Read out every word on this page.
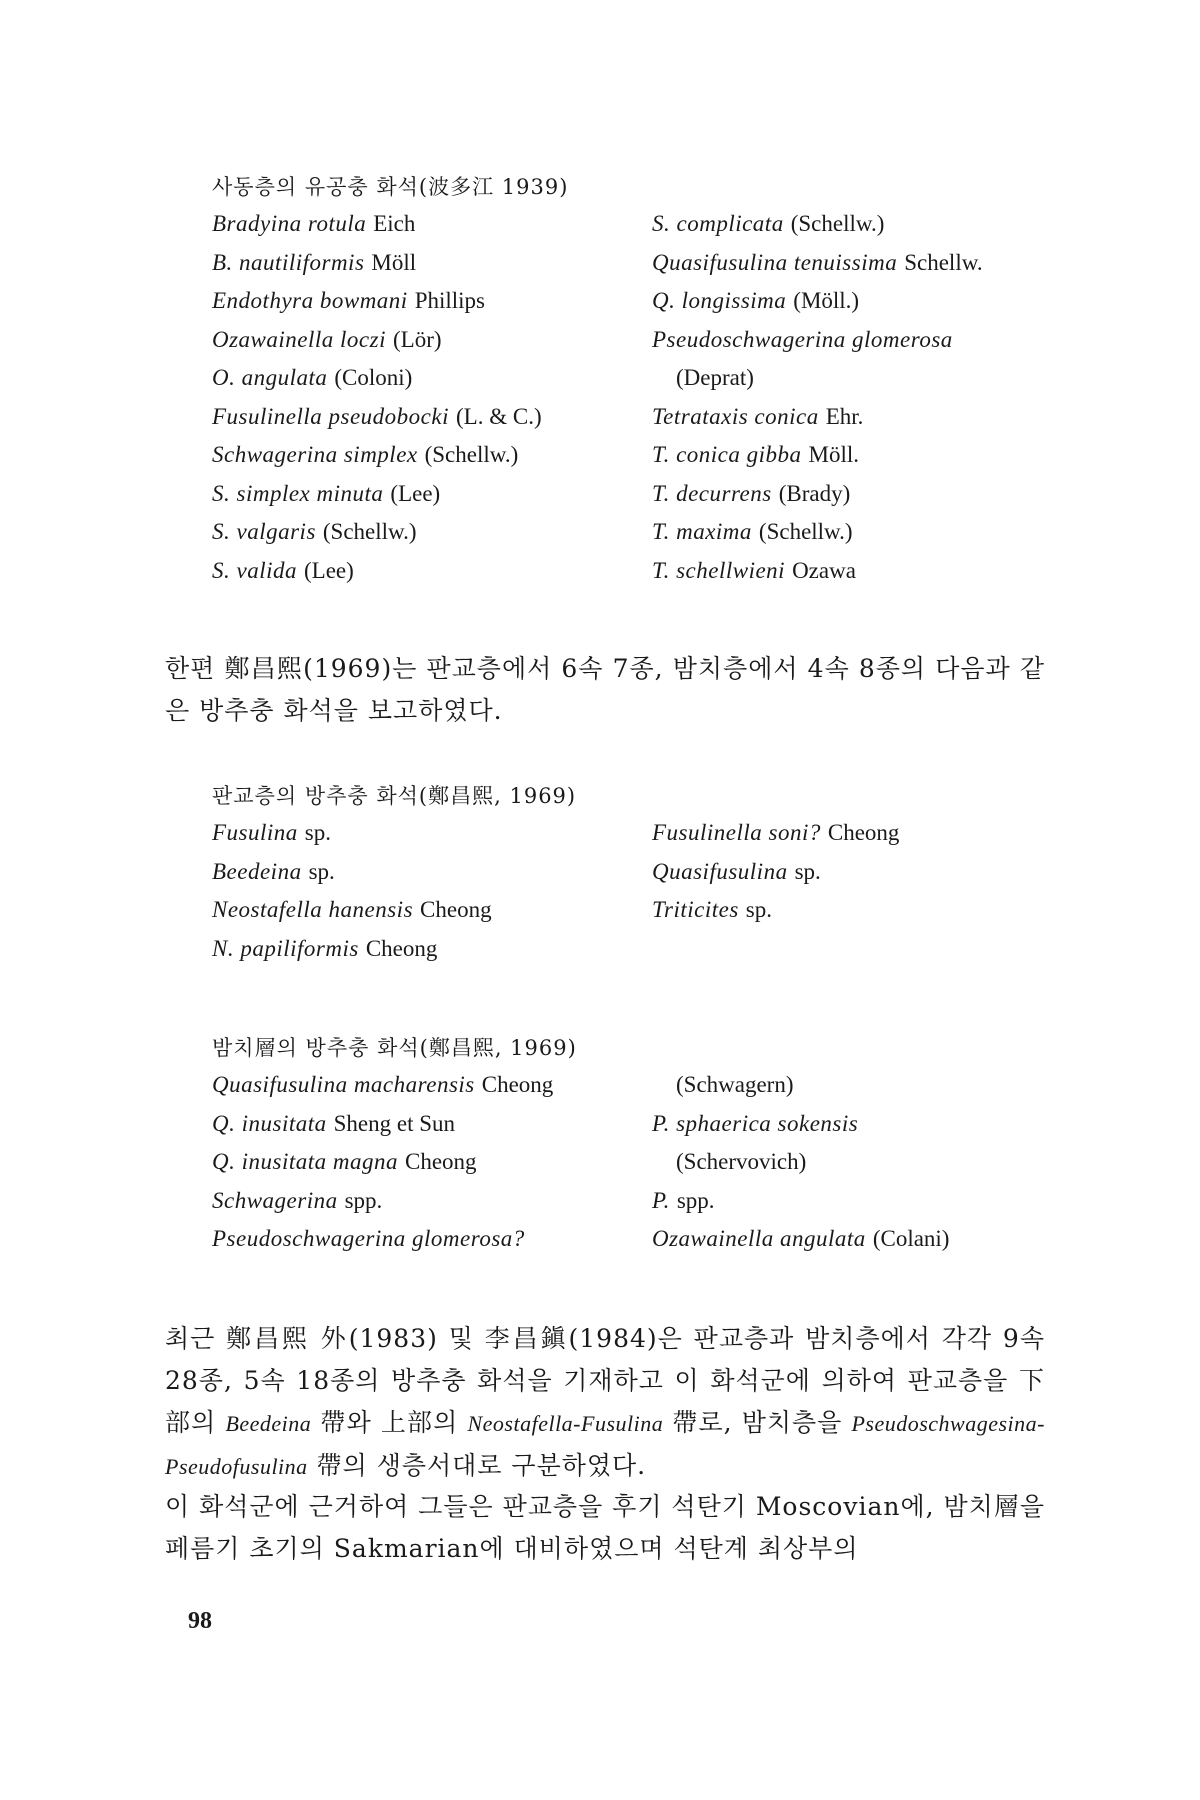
사동층의 유공충 화석(波多江 1939)
Bradyina rotula Eich
B. nautiliformis Möll
Endothyra bowmani Phillips
Ozawainella loczi (Lör)
O. angulata (Coloni)
Fusulinella pseudobocki (L. & C.)
Schwagerina simplex (Schellw.)
S. simplex minuta (Lee)
S. valgaris (Schellw.)
S. valida (Lee)
S. complicata (Schellw.)
Quasifusulina tenuissima Schellw.
Q. longissima (Möll.)
Pseudoschwagerina glomerosa
(Deprat)
Tetrataxis conica Ehr.
T. conica gibba Möll.
T. decurrens (Brady)
T. maxima (Schellw.)
T. schellwieni Ozawa

한편 鄭昌熙(1969)는 판교층에서 6속 7종, 밤치층에서 4속 8종의 다음과 같은 방추충 화석을 보고하였다.

판교층의 방추충 화석(鄭昌熙, 1969)
Fusulina sp.
Beedeina sp.
Neostafella hanensis Cheong
N. papiliformis Cheong
Fusulinella soni? Cheong
Quasifusulina sp.
Triticites sp.
밤치層의 방추충 화석(鄭昌熙, 1969)
Quasifusulina macharensis Cheong
Q. inusitata Sheng et Sun
Q. inusitata magna Cheong
Schwagerina spp.
Pseudoschwagerina glomerosa?
(Schwagern)
P. sphaerica sokensis
(Schervovich)
P. spp.
Ozawainella angulata (Colani)

최근 鄭昌熙 外(1983) 및 李昌鎭(1984)은 판교층과 밤치층에서 각각 9속 28종, 5속 18종의 방추충 화석을 기재하고 이 화석군에 의하여 판교층을 下部의 Beedeina 帶와 上部의 Neostafella-Fusulina 帶로, 밤치층을 Pseudoschwagesina-Pseudofusulina 帶의 생층서대로 구분하였다.

이 화석군에 근거하여 그들은 판교층을 후기 석탄기 Moscovian에, 밤치層을 페름기 초기의 Sakmarian에 대비하였으며 석탄계 최상부의

98
